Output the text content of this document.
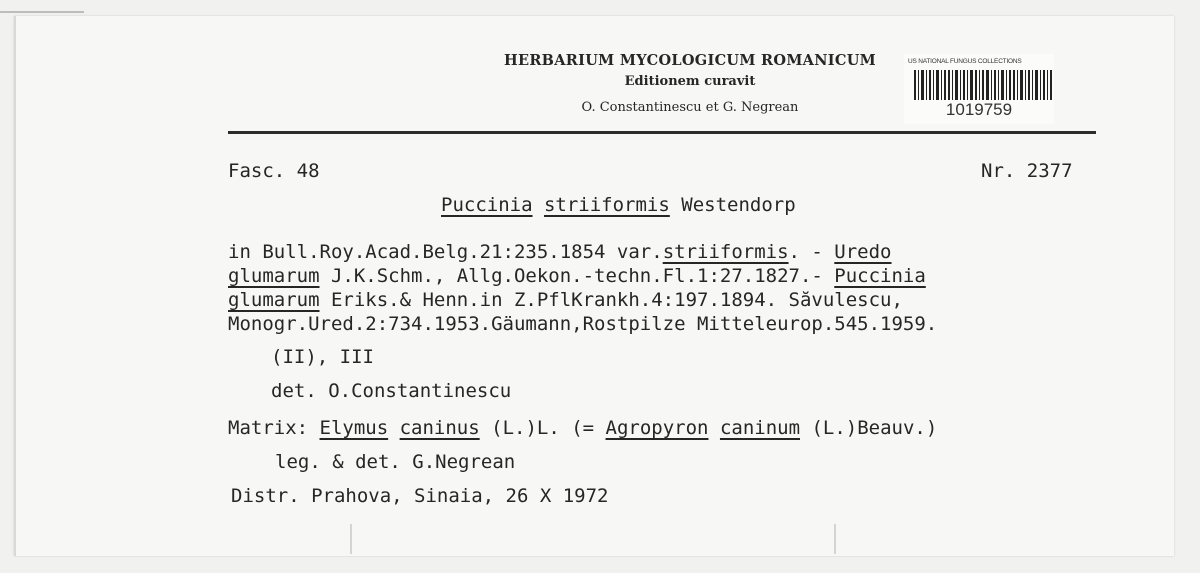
HERBARIUM MYCOLOGICUM ROMANICUM
Editionem curavit
O. Constantinescu et G. Negrean
US NATIONAL FUNGUS COLLECTIONS
1019759
Fasc. 48	Nr. 2377
Puccinia striiformis Westendorp
in Bull.Roy.Acad.Belg.21:235.1854 var.striiformis. - Uredo
glumarum J.K.Schm., Allg.Oekon.-techn.Fl.1:27.1827.- Puccinia
glumarum Eriks.& Henn.in Z.PflKrankh.4:197.1894. Săvulescu,
Monogr.Ured.2:734.1953.Gäumann,Rostpilze Mitteleurop.545.1959.
(II), III
det. O.Constantinescu
Matrix: Elymus caninus (L.)L. (= Agropyron caninum (L.)Beauv.)
leg. & det. G.Negrean
Distr. Prahova, Sinaia, 26 X 1972
